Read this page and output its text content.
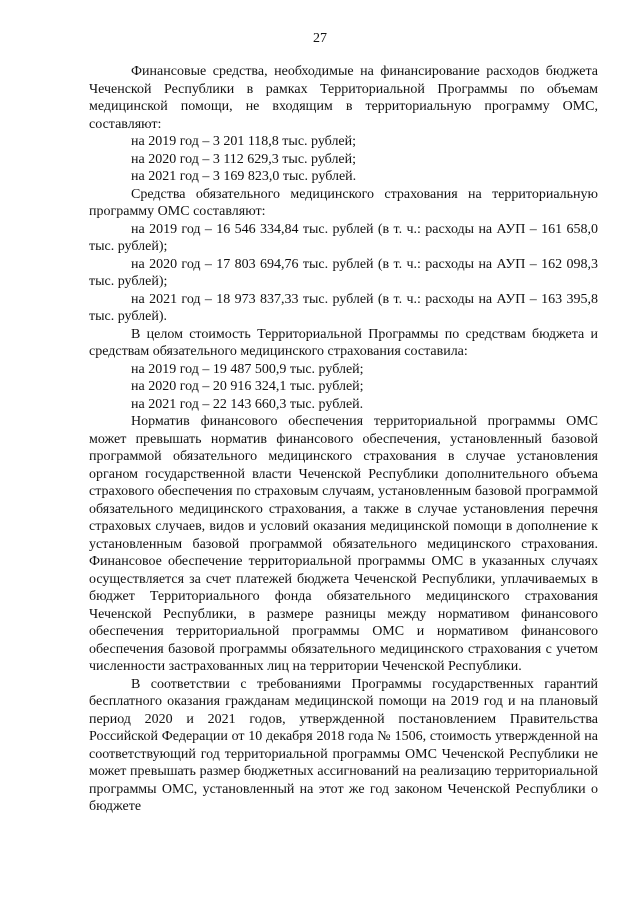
27

Финансовые средства, необходимые на финансирование расходов бюджета Чеченской Республики в рамках Территориальной Программы по объемам медицинской помощи, не входящим в территориальную программу ОМС, составляют:

на 2019 год – 3 201 118,8 тыс. рублей;

на 2020 год – 3 112 629,3 тыс. рублей;

на 2021 год – 3 169 823,0 тыс. рублей.

Средства обязательного медицинского страхования на территориальную программу ОМС составляют:

на 2019 год – 16 546 334,84 тыс. рублей (в т. ч.: расходы на АУП – 161 658,0 тыс. рублей);

на 2020 год – 17 803 694,76 тыс. рублей (в т. ч.: расходы на АУП – 162 098,3 тыс. рублей);

на 2021 год – 18 973 837,33 тыс. рублей (в т. ч.: расходы на АУП – 163 395,8 тыс. рублей).

В целом стоимость Территориальной Программы по средствам бюджета и средствам обязательного медицинского страхования составила:

на 2019 год – 19 487 500,9 тыс. рублей;

на 2020 год – 20 916 324,1 тыс. рублей;

на 2021 год – 22 143 660,3 тыс. рублей.

Норматив финансового обеспечения территориальной программы ОМС может превышать норматив финансового обеспечения, установленный базовой программой обязательного медицинского страхования в случае установления органом государственной власти Чеченской Республики дополнительного объема страхового обеспечения по страховым случаям, установленным базовой программой обязательного медицинского страхования, а также в случае установления перечня страховых случаев, видов и условий оказания медицинской помощи в дополнение к установленным базовой программой обязательного медицинского страхования. Финансовое обеспечение территориальной программы ОМС в указанных случаях осуществляется за счет платежей бюджета Чеченской Республики, уплачиваемых в бюджет Территориального фонда обязательного медицинского страхования Чеченской Республики, в размере разницы между нормативом финансового обеспечения территориальной программы ОМС и нормативом финансового обеспечения базовой программы обязательного медицинского страхования с учетом численности застрахованных лиц на территории Чеченской Республики.

В соответствии с требованиями Программы государственных гарантий бесплатного оказания гражданам медицинской помощи на 2019 год и на плановый период 2020 и 2021 годов, утвержденной постановлением Правительства Российской Федерации от 10 декабря 2018 года № 1506, стоимость утвержденной на соответствующий год территориальной программы ОМС Чеченской Республики не может превышать размер бюджетных ассигнований на реализацию территориальной программы ОМС, установленный на этот же год законом Чеченской Республики о бюджете
